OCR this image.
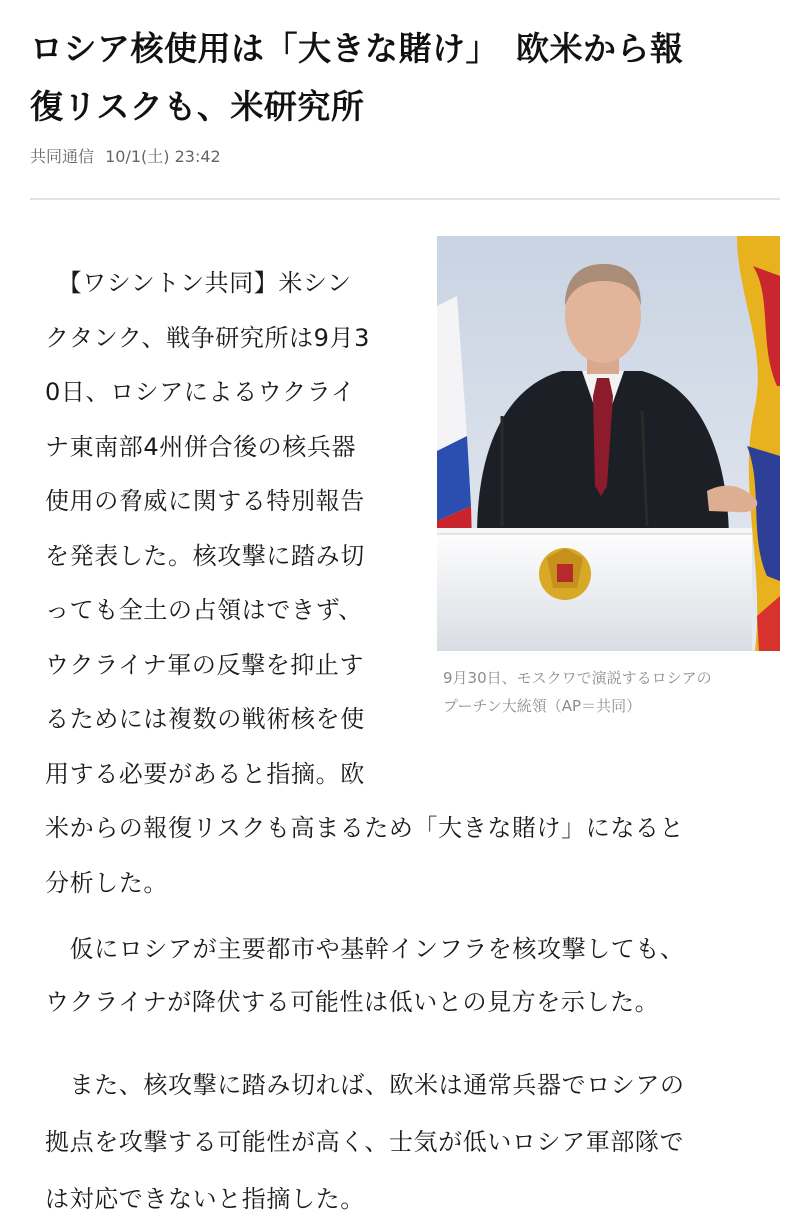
ロシア核使用は「大きな賭け」　欧米から報
復リスクも、米研究所
共同通信 10/1(土) 23:42
9月30日、モスクワで演説するロシアの
プーチン大統領（AP＝共同）
　【ワシントン共同】米シン
クタンク、戦争研究所は9月3
0日、ロシアによるウクライ
ナ東南部4州併合後の核兵器
使用の脅威に関する特別報告
を発表した。核攻撃に踏み切
っても全土の占領はできず、
ウクライナ軍の反撃を抑止す
るためには複数の戦術核を使
用する必要があると指摘。欧
米からの報復リスクも高まるため「大きな賭け」になると
分析した。
　仮にロシアが主要都市や基幹インフラを核攻撃しても、
ウクライナが降伏する可能性は低いとの見方を示した。
　また、核攻撃に踏み切れば、欧米は通常兵器でロシアの
拠点を攻撃する可能性が高く、士気が低いロシア軍部隊で
は対応できないと指摘した。
